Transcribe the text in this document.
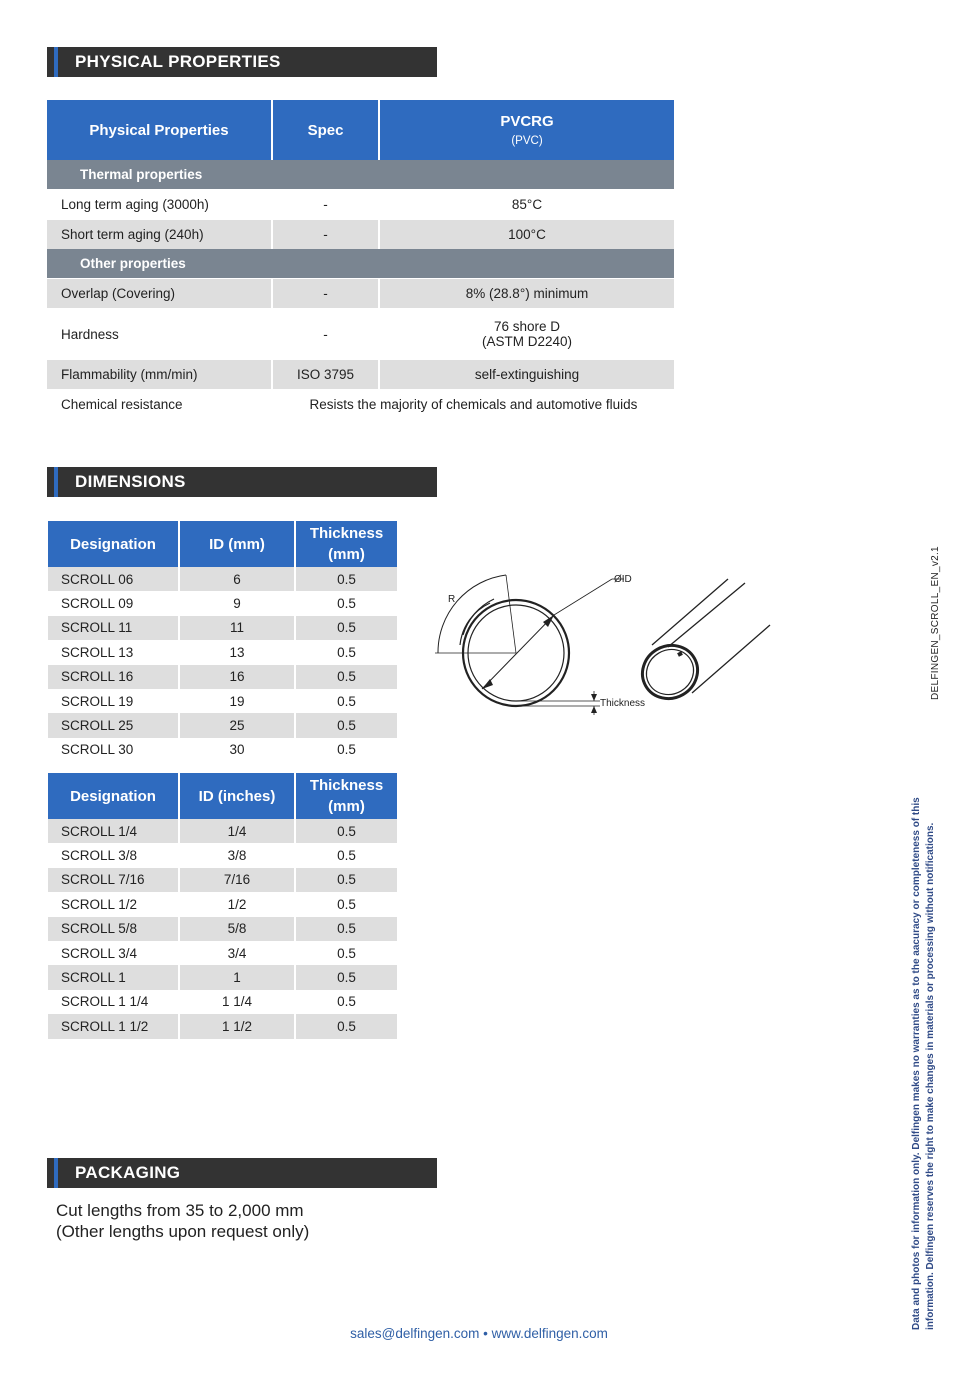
PHYSICAL PROPERTIES
Physical Properties	Spec	PVCRG
(PVC)

Thermal properties		
Long term aging (3000h)	-	85°C
Short term aging (240h)	-	100°C
Other properties		
Overlap (Covering)	-	8% (28.8°) minimum
Hardness	-	76 shore D
(ASTM D2240)

Flammability (mm/min)	ISO 3795	self-extinguishing
Chemical resistance	Resists the majority of chemicals and automotive fluids	
DIMENSIONS
Designation	ID (mm)	Thickness
(mm)

SCROLL 06	6	0.5
SCROLL 09	9	0.5
SCROLL 11	11	0.5
SCROLL 13	13	0.5
SCROLL 16	16	0.5
SCROLL 19	19	0.5
SCROLL 25	25	0.5
SCROLL 30	30	0.5
Designation	ID (inches)	Thickness
(mm)

SCROLL 1/4	1/4	0.5
SCROLL 3/8	3/8	0.5
SCROLL 7/16	7/16	0.5
SCROLL 1/2	1/2	0.5
SCROLL 5/8	5/8	0.5
SCROLL 3/4	3/4	0.5
SCROLL 1	1	0.5
SCROLL 1 1/4	1 1/4	0.5
SCROLL 1 1/2	1 1/2	0.5
R
ØID
Thickness
PACKAGING
Cut lengths from 35 to 2,000 mm
(Other lengths upon request only)
sales@delfingen.com • www.delfingen.com
DELFINGEN_SCROLL_EN_v2.1
Data and photos for information only. Delfingen makes no warranties as to the aacuracy or completeness of this information. Delfingen reserves the right to make changes in materials or processing without notifications.
